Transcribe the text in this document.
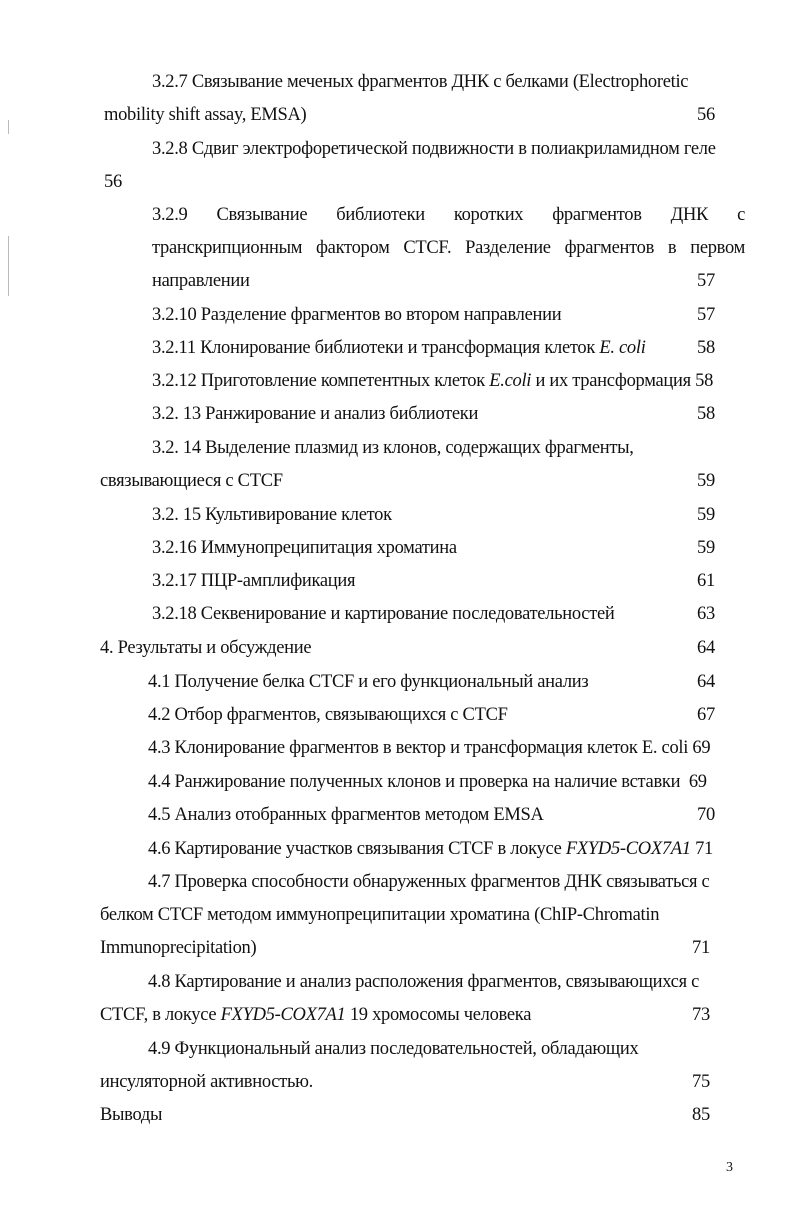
3.2.7 Связывание меченых фрагментов ДНК с белками (Electrophoretic
mobility shift assay, EMSA)	56
3.2.8 Сдвиг электрофоретической подвижности в полиакриламидном геле
56
3.2.9 Связывание библиотеки коротких фрагментов ДНК с
транскрипционным фактором CTCF. Разделение фрагментов в первом
направлении	57
3.2.10 Разделение фрагментов во втором направлении	57
3.2.11 Клонирование библиотеки и трансформация клеток E. coli	58
3.2.12 Приготовление компетентных клеток E.coli и их трансформация 58
3.2. 13 Ранжирование и анализ библиотеки	58
3.2. 14 Выделение плазмид из клонов, содержащих фрагменты,
связывающиеся с CTCF	59
3.2. 15 Культивирование клеток	59
3.2.16 Иммунопреципитация хроматина	59
3.2.17 ПЦР-амплификация	61
3.2.18 Секвенирование и картирование последовательностей	63
4. Результаты и обсуждение	64
4.1 Получение белка CTCF и его функциональный анализ	64
4.2 Отбор фрагментов, связывающихся с CTCF	67
4.3 Клонирование фрагментов в вектор и трансформация клеток E. coli 69
4.4 Ранжирование полученных клонов и проверка на наличие вставки 69
4.5 Анализ отобранных фрагментов методом EMSA	70
4.6 Картирование участков связывания CTCF в локусе FXYD5-COX7A1 71
4.7 Проверка способности обнаруженных фрагментов ДНК связываться с
белком CTCF методом иммунопреципитации хроматина (ChIP-Chromatin
Immunoprecipitation)	71
4.8 Картирование и анализ расположения фрагментов, связывающихся с
CTCF, в локусе FXYD5-COX7A1 19 хромосомы человека	73
4.9 Функциональный анализ последовательностей, обладающих
инсуляторной активностью.	75
Выводы	85
3
